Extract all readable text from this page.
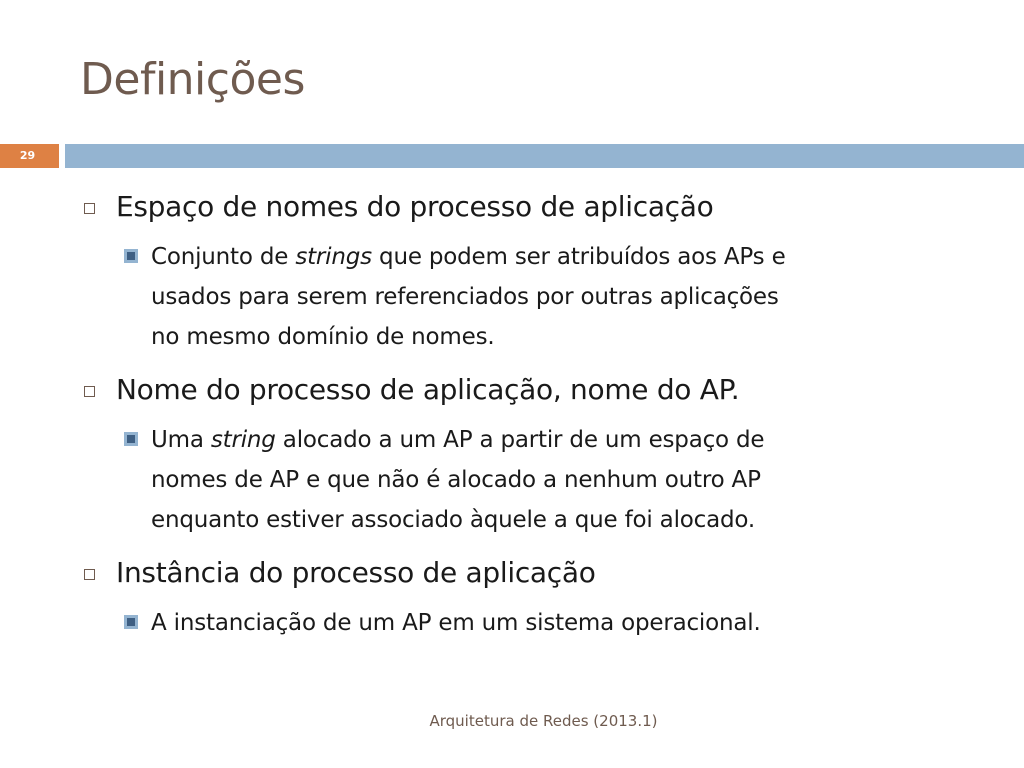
Definições
29
Espaço de nomes do processo de aplicação
Conjunto de strings que podem ser atribuídos aos APs e
usados para serem referenciados por outras aplicações
no mesmo domínio de nomes.
Nome do processo de aplicação, nome do AP.
Uma string alocado a um AP a partir de um espaço de
nomes de AP e que não é alocado a nenhum outro AP
enquanto estiver associado àquele a que foi alocado.
Instância do processo de aplicação
A instanciação de um AP em um sistema operacional.
Arquitetura de Redes (2013.1)
